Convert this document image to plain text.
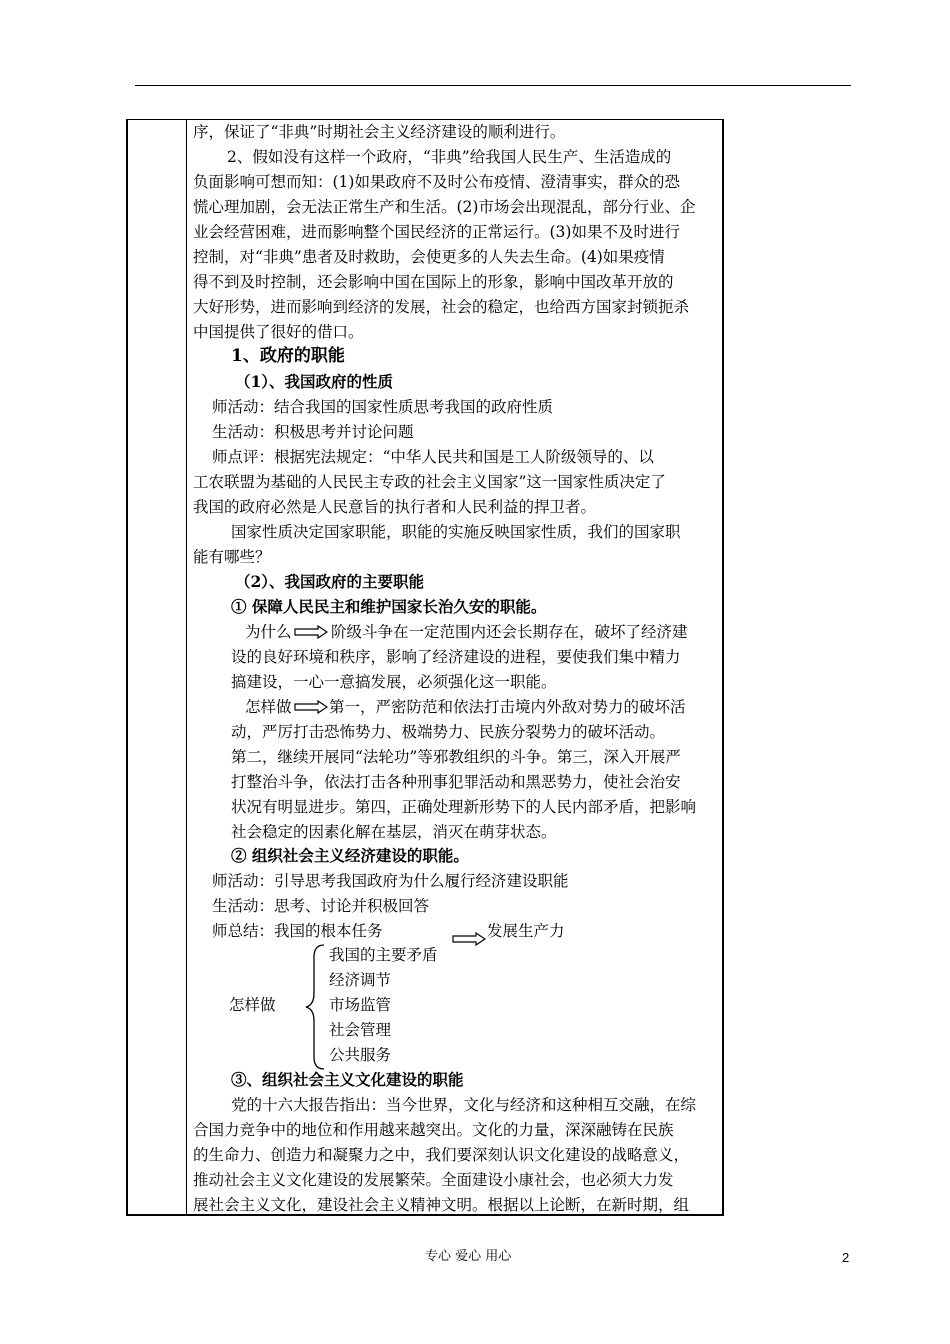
序，保证了“非典”时期社会主义经济建设的顺利进行。
2、假如没有这样一个政府，“非典”给我国人民生产、生活造成的
负面影响可想而知：(1)如果政府不及时公布疫情、澄清事实，群众的恐
慌心理加剧，会无法正常生产和生活。(2)市场会出现混乱，部分行业、企
业会经营困难，进而影响整个国民经济的正常运行。(3)如果不及时进行
控制，对“非典”患者及时救助，会使更多的人失去生命。(4)如果疫情
得不到及时控制，还会影响中国在国际上的形象，影响中国改革开放的
大好形势，进而影响到经济的发展，社会的稳定，也给西方国家封锁扼杀
中国提供了很好的借口。
1、政府的职能
（1）、我国政府的性质
师活动：结合我国的国家性质思考我国的政府性质
生活动：积极思考并讨论问题
师点评：根据宪法规定：“中华人民共和国是工人阶级领导的、以
工农联盟为基础的人民民主专政的社会主义国家”这一国家性质决定了
我国的政府必然是人民意旨的执行者和人民利益的捍卫者。
国家性质决定国家职能，职能的实施反映国家性质，我们的国家职
能有哪些？
（2）、我国政府的主要职能
① 保障人民民主和维护国家长治久安的职能。
为什么	阶级斗争在一定范围内还会长期存在，破坏了经济建
设的良好环境和秩序，影响了经济建设的进程，要使我们集中精力
搞建设，一心一意搞发展，必须强化这一职能。
怎样做 第一，严密防范和依法打击境内外敌对势力的破坏活
动，严厉打击恐怖势力、极端势力、民族分裂势力的破坏活动。
第二，继续开展同“法轮功”等邪教组织的斗争。第三，深入开展严
打整治斗争，依法打击各种刑事犯罪活动和黑恶势力，使社会治安
状况有明显进步。第四，正确处理新形势下的人民内部矛盾，把影响
社会稳定的因素化解在基层，消灭在萌芽状态。
② 组织社会主义经济建设的职能。
师活动：引导思考我国政府为什么履行经济建设职能
生活动：思考、讨论并积极回答
师总结：我国的根本任务	发展生产力
我国的主要矛盾
经济调节
怎样做	市场监管
社会管理
公共服务
③、组织社会主义文化建设的职能
党的十六大报告指出：当今世界，文化与经济和这种相互交融，在综
合国力竞争中的地位和作用越来越突出。文化的力量，深深融铸在民族
的生命力、创造力和凝聚力之中，我们要深刻认识文化建设的战略意义，
推动社会主义文化建设的发展繁荣。全面建设小康社会，也必须大力发
展社会主义文化，建设社会主义精神文明。根据以上论断，在新时期，组
专心 爱心 用心	2
